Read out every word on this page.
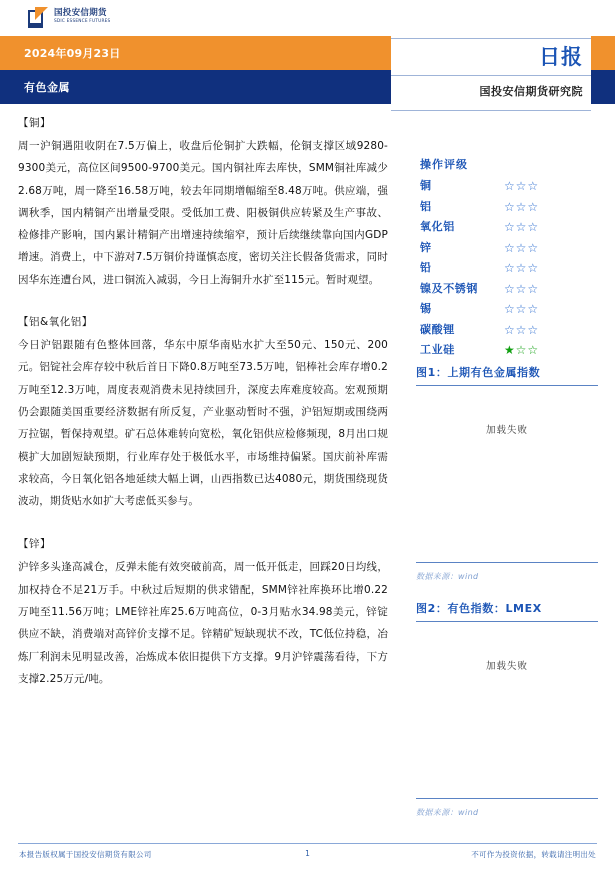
国投安信期货
SDIC ESSENCE FUTURES
2024年09月23日
有色金属
日报
国投安信期货研究院

【铜】

周一沪铜遇阻收阴在7.5万偏上，收盘后伦铜扩大跌幅，伦铜支撑区域9280-9300美元，高位区间9500-9700美元。国内铜社库去库快，SMM铜社库减少2.68万吨，周一降至16.58万吨，较去年同期增幅缩至8.48万吨。供应端，强调秋季，国内精铜产出增量受限。受低加工费、阳极铜供应转紧及生产事故、检修排产影响，国内累计精铜产出增速持续缩窄，预计后续继续靠向国内GDP增速。消费上，中下游对7.5万铜价持谨慎态度，密切关注长假备货需求，同时因华东连遭台风，进口铜流入减弱，今日上海铜升水扩至115元。暂时观望。

【铝&氧化铝】

今日沪铝跟随有色整体回落，华东中原华南贴水扩大至50元、150元、200元。铝锭社会库存较中秋后首日下降0.8万吨至73.5万吨，铝棒社会库存增0.2万吨至12.3万吨，周度表观消费未见持续回升，深度去库难度较高。宏观预期仍会跟随美国重要经济数据有所反复，产业驱动暂时不强，沪铝短期或围绕两万拉锯，暂保持观望。矿石总体难转向宽松，氧化铝供应检修频现，8月出口规模扩大加剧短缺预期，行业库存处于极低水平，市场维持偏紧。国庆前补库需求较高，今日氧化铝各地延续大幅上调，山西指数已达4080元，期货围绕现货波动，期货贴水如扩大考虑低买参与。

【锌】

沪锌多头逢高减仓，反弹未能有效突破前高，周一低开低走，回踩20日均线，加权持仓不足21万手。中秋过后短期的供求错配，SMM锌社库换环比增0.22万吨至11.56万吨；LME锌社库25.6万吨高位，0-3月贴水34.98美元，锌锭供应不缺，消费端对高锌价支撑不足。锌精矿短缺现状不改，TC低位持稳，冶炼厂利润未见明显改善，冶炼成本依旧提供下方支撑。9月沪锌震荡看待，下方支撑2.25万元/吨。

操作评级
铜	☆☆☆
铝	☆☆☆
氧化铝	☆☆☆
锌	☆☆☆
铅	☆☆☆
镍及不锈钢	☆☆☆
锡	☆☆☆
碳酸锂	☆☆☆
工业硅	★☆☆
图1：上期有色金属指数
加载失败
数据来源：wind
图2：有色指数：LMEX
加载失败
数据来源：wind
本报告版权属于国投安信期货有限公司	1	不可作为投资依据，转载请注明出处
